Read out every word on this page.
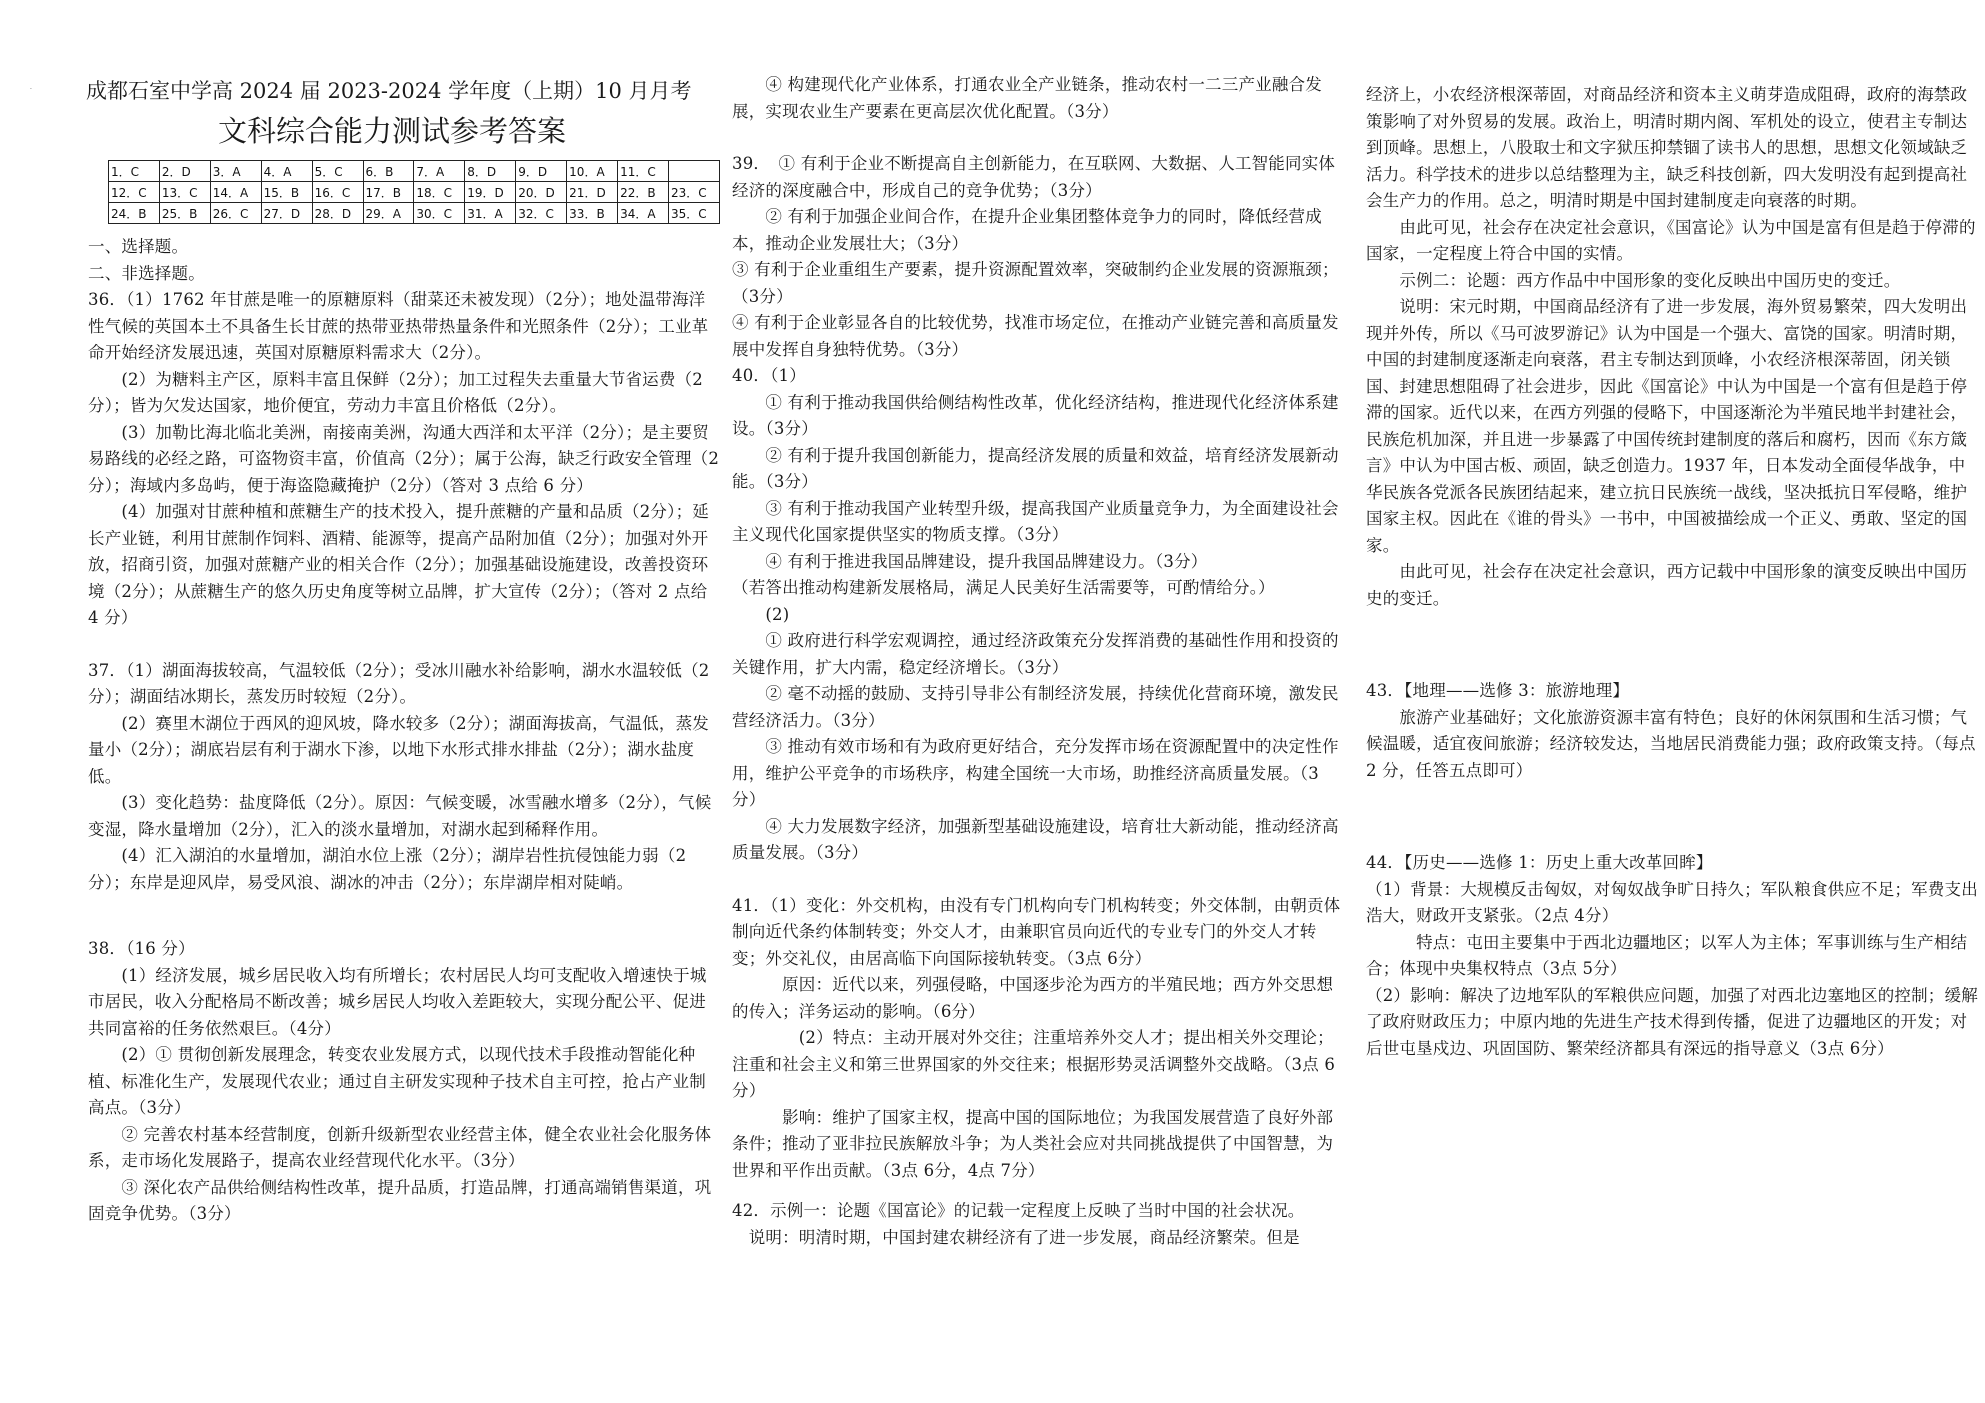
·	成都石室中学高 2024 届 2023-2024 学年度（上期）10 月月考
文科综合能力测试参考答案
1．C	2．D	3．A	4．A	5．C	6．B	7．A	8．D	9．D	10．A	11．C	
12．C	13．C	14．A	15．B	16．C	17．B	18．C	19．D	20．D	21．D	22．B	23．C
24．B	25．B	26．C	27．D	28．D	29．A	30．C	31．A	32．C	33．B	34．A	35．C

一、选择题。

二、非选择题。

36．（1）1762 年甘蔗是唯一的原糖原料（甜菜还未被发现）（2分）；地处温带海洋性气候的英国本土不具备生长甘蔗的热带亚热带热量条件和光照条件（2分）；工业革命开始经济发展迅速，英国对原糖原料需求大（2分）。

　　(2）为糖料主产区，原料丰富且保鲜（2分）；加工过程失去重量大节省运费（2分）；皆为欠发达国家，地价便宜，劳动力丰富且价格低（2分）。

　　(3）加勒比海北临北美洲，南接南美洲，沟通大西洋和太平洋（2分）；是主要贸易路线的必经之路，可盗物资丰富，价值高（2分）；属于公海，缺乏行政安全管理（2分）；海域内多岛屿，便于海盗隐藏掩护（2分）（答对 3 点给 6 分）

　　(4）加强对甘蔗种植和蔗糖生产的技术投入，提升蔗糖的产量和品质（2分）；延长产业链，利用甘蔗制作饲料、酒精、能源等，提高产品附加值（2分）；加强对外开放，招商引资，加强对蔗糖产业的相关合作（2分）；加强基础设施建设，改善投资环境（2分）；从蔗糖生产的悠久历史角度等树立品牌，扩大宣传（2分）；（答对 2 点给 4 分）

37．（1）湖面海拔较高，气温较低（2分）；受冰川融水补给影响，湖水水温较低（2分）；湖面结冰期长，蒸发历时较短（2分）。

　　(2）赛里木湖位于西风的迎风坡，降水较多（2分）；湖面海拔高，气温低，蒸发量小（2分）；湖底岩层有利于湖水下渗，以地下水形式排水排盐（2分）；湖水盐度低。

　　(3）变化趋势：盐度降低（2分）。原因：气候变暖，冰雪融水增多（2分），气候变湿，降水量增加（2分），汇入的淡水量增加，对湖水起到稀释作用。

　　(4）汇入湖泊的水量增加，湖泊水位上涨（2分）；湖岸岩性抗侵蚀能力弱（2分）；东岸是迎风岸，易受风浪、湖冰的冲击（2分）；东岸湖岸相对陡峭。

38．（16 分）

　　(1）经济发展，城乡居民收入均有所增长；农村居民人均可支配收入增速快于城市居民，收入分配格局不断改善；城乡居民人均收入差距较大，实现分配公平、促进共同富裕的任务依然艰巨。（4分）

　　(2）① 贯彻创新发展理念，转变农业发展方式，以现代技术手段推动智能化种植、标准化生产，发展现代农业；通过自主研发实现种子技术自主可控，抢占产业制高点。（3分）

　　② 完善农村基本经营制度，创新升级新型农业经营主体，健全农业社会化服务体系，走市场化发展路子，提高农业经营现代化水平。（3分）

　　③ 深化农产品供给侧结构性改革，提升品质，打造品牌，打通高端销售渠道，巩固竞争优势。（3分）

　　④ 构建现代化产业体系，打通农业全产业链条，推动农村一二三产业融合发展，实现农业生产要素在更高层次优化配置。（3分）

39．　① 有利于企业不断提高自主创新能力，在互联网、大数据、人工智能同实体经济的深度融合中，形成自己的竞争优势；（3分）

　　② 有利于加强企业间合作，在提升企业集团整体竞争力的同时，降低经营成本，推动企业发展壮大；（3分）

③ 有利于企业重组生产要素，提升资源配置效率，突破制约企业发展的资源瓶颈；（3分）

④ 有利于企业彰显各自的比较优势，找准市场定位，在推动产业链完善和高质量发展中发挥自身独特优势。（3分）

40．（1）

　　① 有利于推动我国供给侧结构性改革，优化经济结构，推进现代化经济体系建设。（3分）

　　② 有利于提升我国创新能力，提高经济发展的质量和效益，培育经济发展新动能。（3分）

　　③ 有利于推动我国产业转型升级，提高我国产业质量竞争力，为全面建设社会主义现代化国家提供坚实的物质支撑。（3分）

　　④ 有利于推进我国品牌建设，提升我国品牌建设力。（3分）

（若答出推动构建新发展格局，满足人民美好生活需要等，可酌情给分。）

　　(2)

　　① 政府进行科学宏观调控，通过经济政策充分发挥消费的基础性作用和投资的关键作用，扩大内需，稳定经济增长。（3分）

　　② 毫不动摇的鼓励、支持引导非公有制经济发展，持续优化营商环境，激发民营经济活力。（3分）

　　③ 推动有效市场和有为政府更好结合，充分发挥市场在资源配置中的决定性作用，维护公平竞争的市场秩序，构建全国统一大市场，助推经济高质量发展。（3分）

　　④ 大力发展数字经济，加强新型基础设施建设，培育壮大新动能，推动经济高质量发展。（3分）

41．（1）变化：外交机构，由没有专门机构向专门机构转变；外交体制，由朝贡体制向近代条约体制转变；外交人才，由兼职官员向近代的专业专门的外交人才转变；外交礼仪，由居高临下向国际接轨转变。（3点 6分）

　　　原因：近代以来，列强侵略，中国逐步沦为西方的半殖民地；西方外交思想的传入；洋务运动的影响。（6分）

　　　　(2）特点：主动开展对外交往；注重培养外交人才；提出相关外交理论；注重和社会主义和第三世界国家的外交往来；根据形势灵活调整外交战略。（3点 6分）

　　　影响：维护了国家主权，提高中国的国际地位；为我国发展营造了良好外部条件；推动了亚非拉民族解放斗争；为人类社会应对共同挑战提供了中国智慧，为世界和平作出贡献。（3点 6分，4点 7分）

42．示例一：论题《国富论》的记载一定程度上反映了当时中国的社会状况。

　说明：明清时期，中国封建农耕经济有了进一步发展，商品经济繁荣。但是

经济上，小农经济根深蒂固，对商品经济和资本主义萌芽造成阻碍，政府的海禁政策影响了对外贸易的发展。政治上，明清时期内阁、军机处的设立，使君主专制达到顶峰。思想上，八股取士和文字狱压抑禁锢了读书人的思想，思想文化领域缺乏活力。科学技术的进步以总结整理为主，缺乏科技创新，四大发明没有起到提高社会生产力的作用。总之，明清时期是中国封建制度走向衰落的时期。

　　由此可见，社会存在决定社会意识，《国富论》认为中国是富有但是趋于停滞的国家，一定程度上符合中国的实情。

　　示例二：论题：西方作品中中国形象的变化反映出中国历史的变迁。

　　说明：宋元时期，中国商品经济有了进一步发展，海外贸易繁荣，四大发明出现并外传，所以《马可波罗游记》认为中国是一个强大、富饶的国家。明清时期，中国的封建制度逐渐走向衰落，君主专制达到顶峰，小农经济根深蒂固，闭关锁国、封建思想阻碍了社会进步，因此《国富论》中认为中国是一个富有但是趋于停滞的国家。近代以来，在西方列强的侵略下，中国逐渐沦为半殖民地半封建社会，民族危机加深，并且进一步暴露了中国传统封建制度的落后和腐朽，因而《东方箴言》中认为中国古板、顽固，缺乏创造力。1937 年，日本发动全面侵华战争，中华民族各党派各民族团结起来，建立抗日民族统一战线，坚决抵抗日军侵略，维护国家主权。因此在《谁的骨头》一书中，中国被描绘成一个正义、勇敢、坚定的国家。

　　由此可见，社会存在决定社会意识，西方记载中中国形象的演变反映出中国历史的变迁。

43．【地理——选修 3：旅游地理】

　　旅游产业基础好；文化旅游资源丰富有特色；良好的休闲氛围和生活习惯；气候温暖，适宜夜间旅游；经济较发达，当地居民消费能力强；政府政策支持。（每点 2 分，任答五点即可）

44．【历史——选修 1：历史上重大改革回眸】

（1）背景：大规模反击匈奴，对匈奴战争旷日持久；军队粮食供应不足；军费支出浩大，财政开支紧张。（2点 4分）

　　　特点：屯田主要集中于西北边疆地区；以军人为主体；军事训练与生产相结合；体现中央集权特点（3点 5分）

（2）影响：解决了边地军队的军粮供应问题，加强了对西北边塞地区的控制；缓解了政府财政压力；中原内地的先进生产技术得到传播，促进了边疆地区的开发；对后世屯垦戍边、巩固国防、繁荣经济都具有深远的指导意义（3点 6分）
